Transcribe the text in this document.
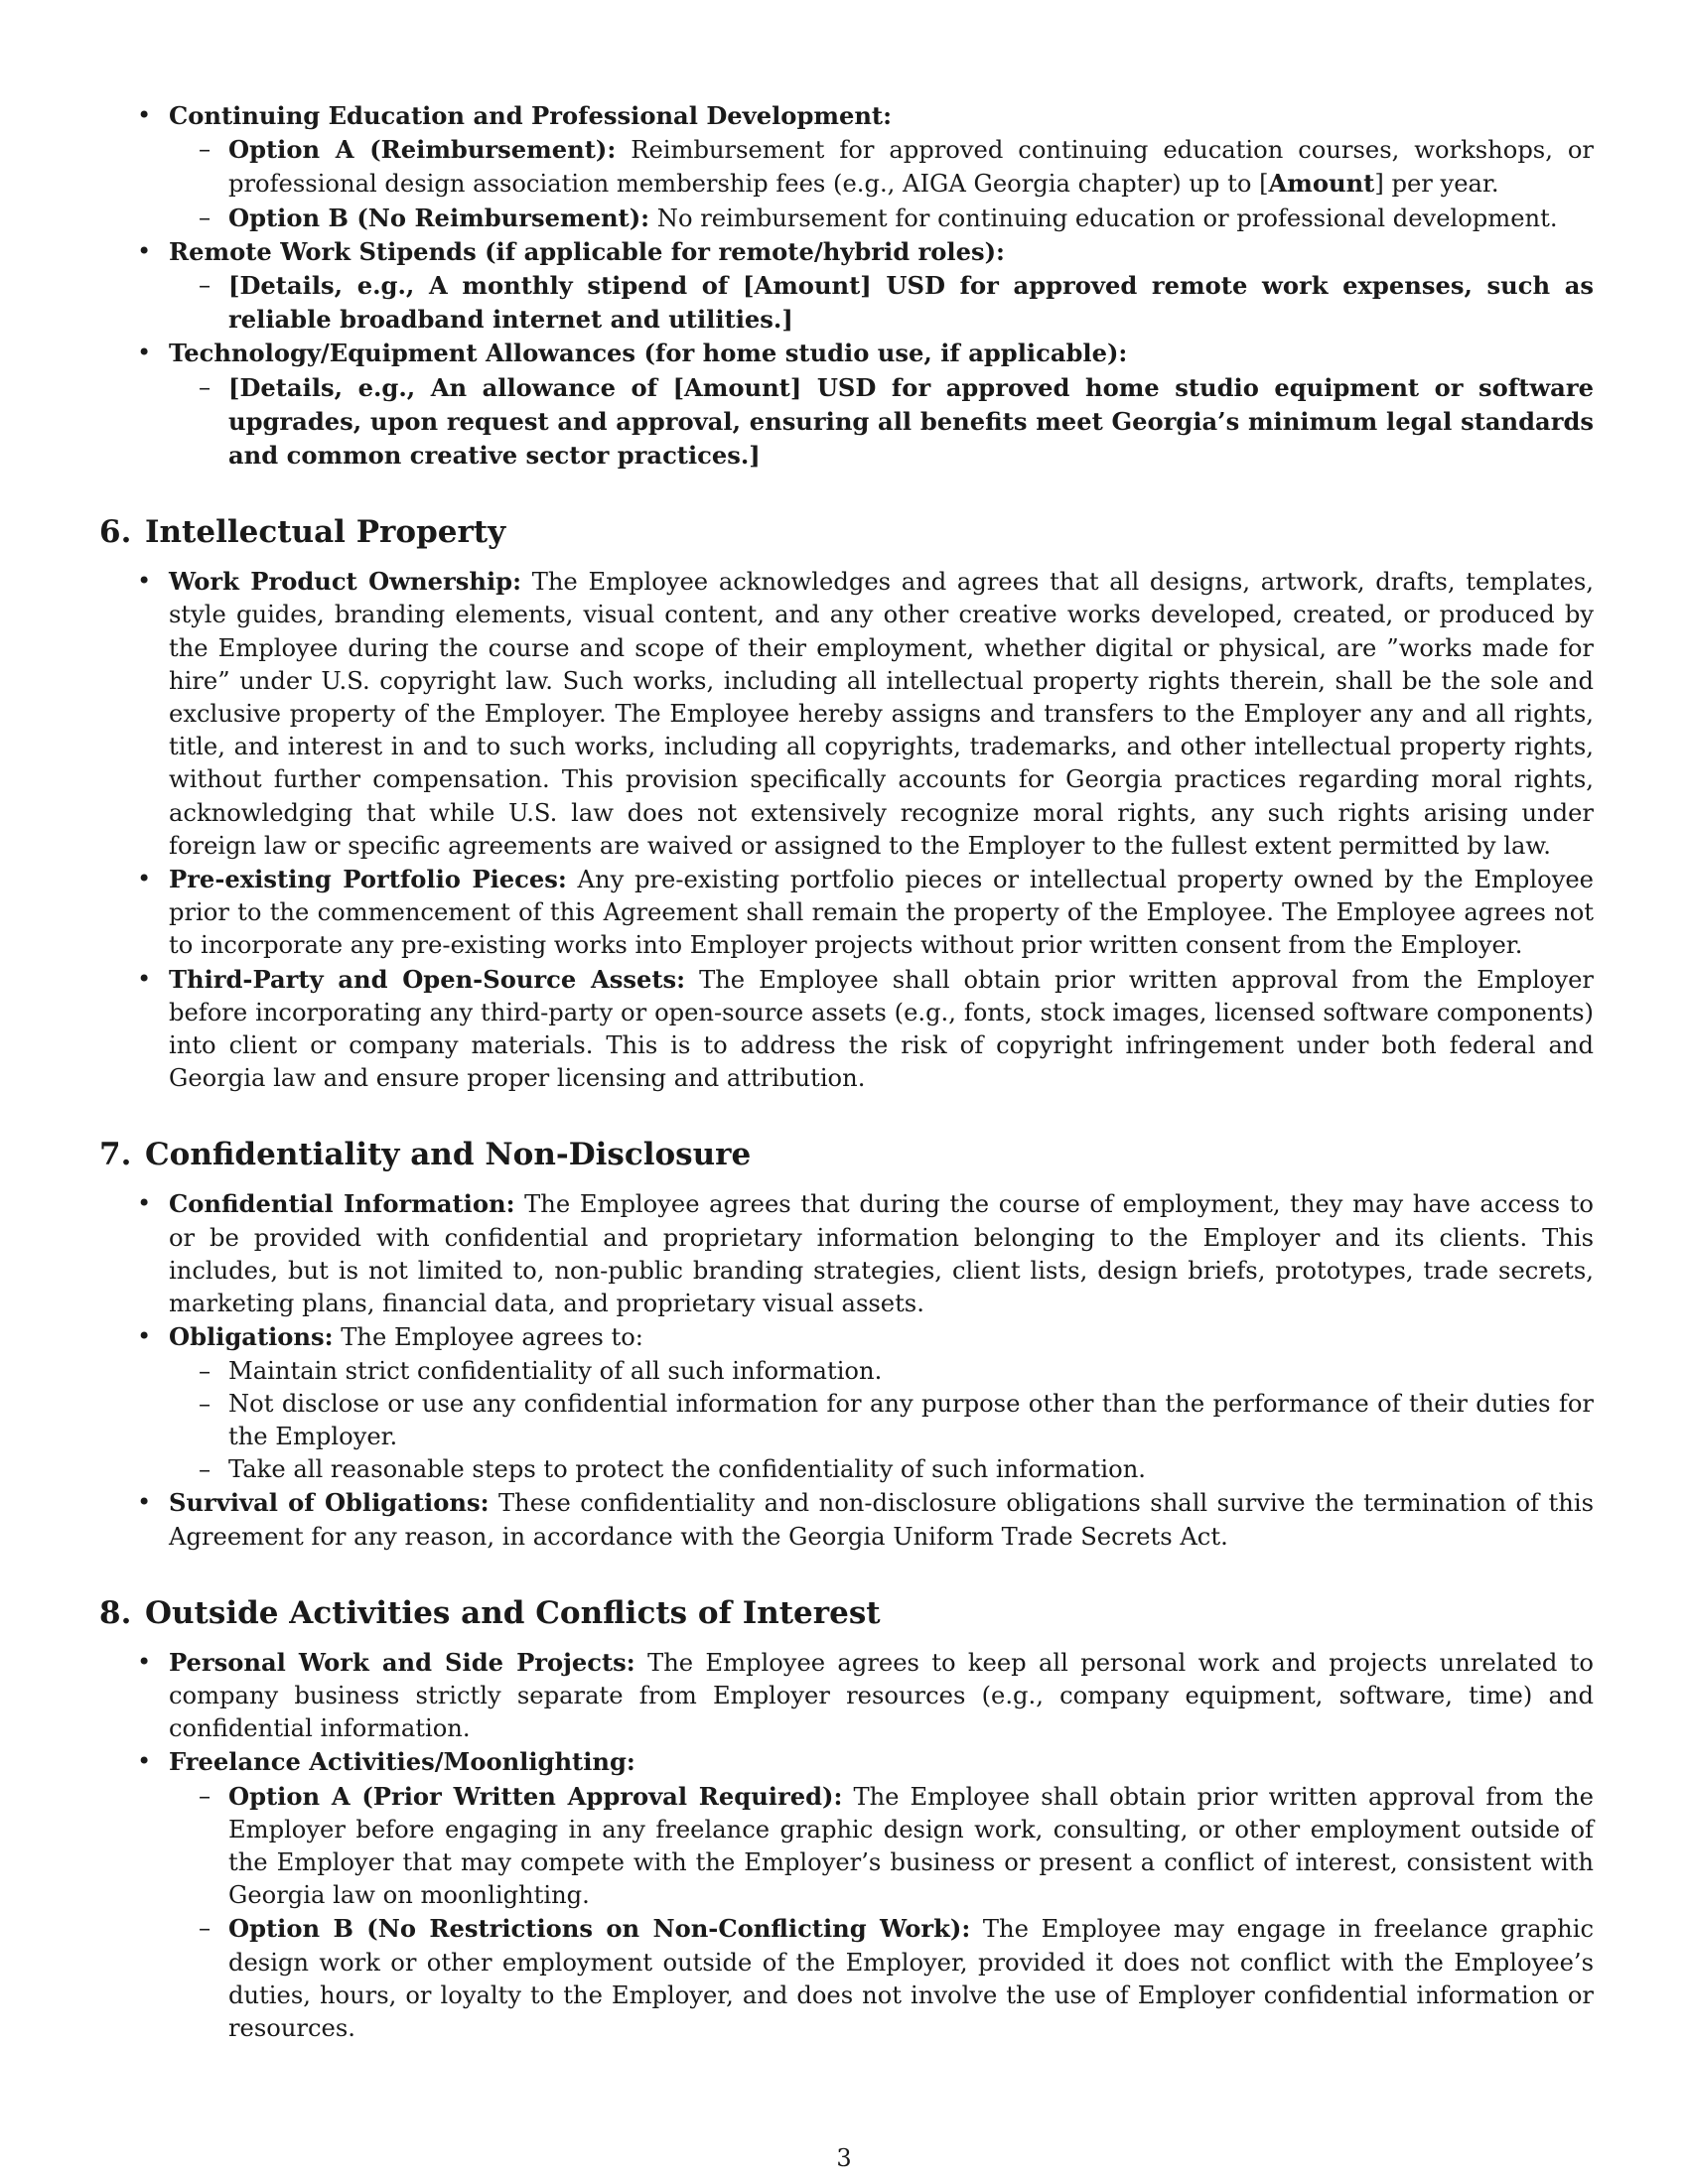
• Continuing Education and Professional Development:
– Option A (Reimbursement): Reimbursement for approved continuing education courses, workshops, or professional design association membership fees (e.g., AIGA Georgia chapter) up to [Amount] per year.
– Option B (No Reimbursement): No reimbursement for continuing education or professional development.
• Remote Work Stipends (if applicable for remote/hybrid roles):
– [Details, e.g., A monthly stipend of [Amount] USD for approved remote work expenses, such as reliable broadband internet and utilities.]
• Technology/Equipment Allowances (for home studio use, if applicable):
– [Details, e.g., An allowance of [Amount] USD for approved home studio equipment or software upgrades, upon request and approval, ensuring all benefits meet Georgia’s minimum legal standards and common creative sector practices.]
6. Intellectual Property
• Work Product Ownership: The Employee acknowledges and agrees that all designs, artwork, drafts, templates, style guides, branding elements, visual content, and any other creative works developed, created, or produced by the Employee during the course and scope of their employment, whether digital or physical, are ”works made for hire” under U.S. copyright law. Such works, including all intellectual property rights therein, shall be the sole and exclusive property of the Employer. The Employee hereby assigns and transfers to the Employer any and all rights, title, and interest in and to such works, including all copyrights, trademarks, and other intellectual property rights, without further compensation. This provision specifically accounts for Georgia practices regarding moral rights, acknowledging that while U.S. law does not extensively recognize moral rights, any such rights arising under foreign law or specific agreements are waived or assigned to the Employer to the fullest extent permitted by law.
• Pre-existing Portfolio Pieces: Any pre-existing portfolio pieces or intellectual property owned by the Employee prior to the commencement of this Agreement shall remain the property of the Employee. The Employee agrees not to incorporate any pre-existing works into Employer projects without prior written consent from the Employer.
• Third-Party and Open-Source Assets: The Employee shall obtain prior written approval from the Employer before incorporating any third-party or open-source assets (e.g., fonts, stock images, licensed software components) into client or company materials. This is to address the risk of copyright infringement under both federal and Georgia law and ensure proper licensing and attribution.
7. Confidentiality and Non-Disclosure
• Confidential Information: The Employee agrees that during the course of employment, they may have access to or be provided with confidential and proprietary information belonging to the Employer and its clients. This includes, but is not limited to, non-public branding strategies, client lists, design briefs, prototypes, trade secrets, marketing plans, financial data, and proprietary visual assets.
• Obligations: The Employee agrees to:
– Maintain strict confidentiality of all such information.
– Not disclose or use any confidential information for any purpose other than the performance of their duties for the Employer.
– Take all reasonable steps to protect the confidentiality of such information.
• Survival of Obligations: These confidentiality and non-disclosure obligations shall survive the termination of this Agreement for any reason, in accordance with the Georgia Uniform Trade Secrets Act.
8. Outside Activities and Conflicts of Interest
• Personal Work and Side Projects: The Employee agrees to keep all personal work and projects unrelated to company business strictly separate from Employer resources (e.g., company equipment, software, time) and confidential information.
• Freelance Activities/Moonlighting:
– Option A (Prior Written Approval Required): The Employee shall obtain prior written approval from the Employer before engaging in any freelance graphic design work, consulting, or other employment outside of the Employer that may compete with the Employer’s business or present a conflict of interest, consistent with Georgia law on moonlighting.
– Option B (No Restrictions on Non-Conflicting Work): The Employee may engage in freelance graphic design work or other employment outside of the Employer, provided it does not conflict with the Employee’s duties, hours, or loyalty to the Employer, and does not involve the use of Employer confidential information or resources.
3
